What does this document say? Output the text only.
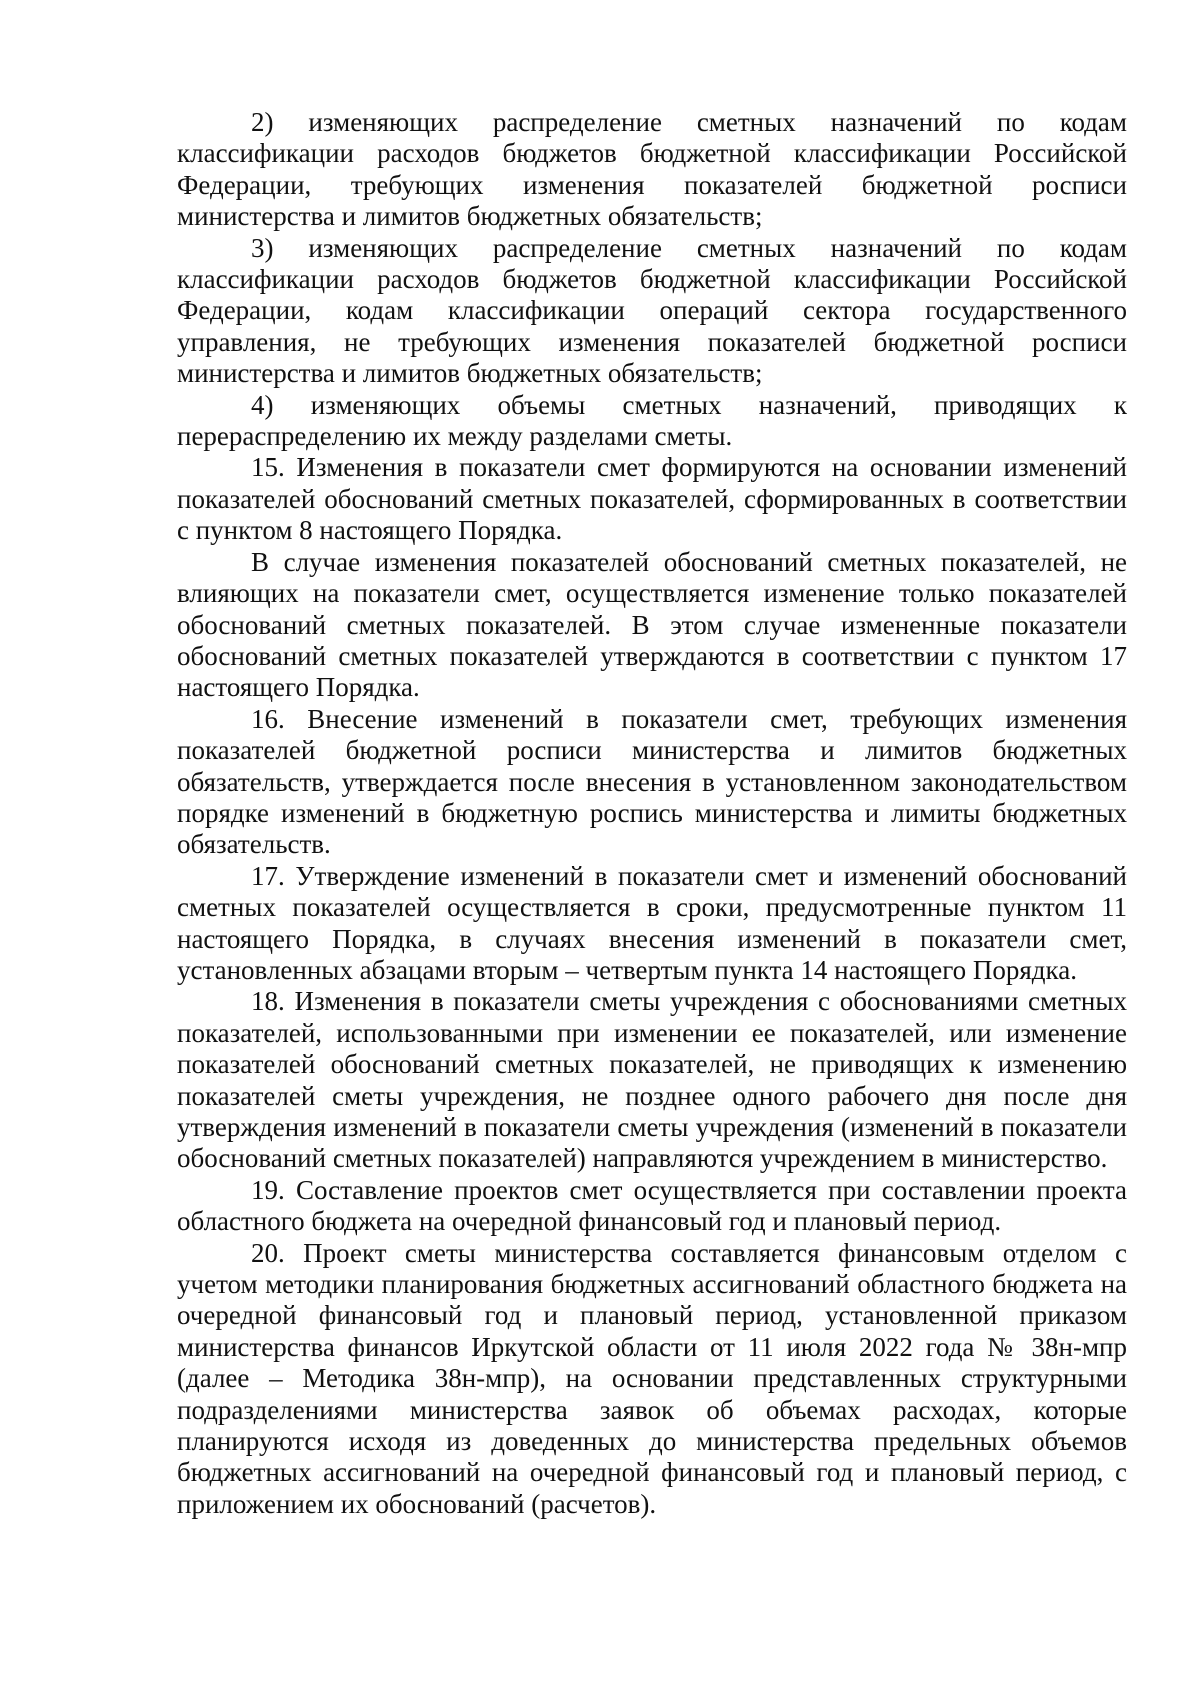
2) изменяющих распределение сметных назначений по кодам классификации расходов бюджетов бюджетной классификации Российской Федерации, требующих изменения показателей бюджетной росписи министерства и лимитов бюджетных обязательств;

3) изменяющих распределение сметных назначений по кодам классификации расходов бюджетов бюджетной классификации Российской Федерации, кодам классификации операций сектора государственного управления, не требующих изменения показателей бюджетной росписи министерства и лимитов бюджетных обязательств;

4) изменяющих объемы сметных назначений, приводящих к перераспределению их между разделами сметы.

15. Изменения в показатели смет формируются на основании изменений показателей обоснований сметных показателей, сформированных в соответствии с пунктом 8 настоящего Порядка.

В случае изменения показателей обоснований сметных показателей, не влияющих на показатели смет, осуществляется изменение только показателей обоснований сметных показателей. В этом случае измененные показатели обоснований сметных показателей утверждаются в соответствии с пунктом 17 настоящего Порядка.

16. Внесение изменений в показатели смет, требующих изменения показателей бюджетной росписи министерства и лимитов бюджетных обязательств, утверждается после внесения в установленном законодательством порядке изменений в бюджетную роспись министерства и лимиты бюджетных обязательств.

17. Утверждение изменений в показатели смет и изменений обоснований сметных показателей осуществляется в сроки, предусмотренные пунктом 11 настоящего Порядка, в случаях внесения изменений в показатели смет, установленных абзацами вторым – четвертым пункта 14 настоящего Порядка.

18. Изменения в показатели сметы учреждения с обоснованиями сметных показателей, использованными при изменении ее показателей, или изменение показателей обоснований сметных показателей, не приводящих к изменению показателей сметы учреждения, не позднее одного рабочего дня после дня утверждения изменений в показатели сметы учреждения (изменений в показатели обоснований сметных показателей) направляются учреждением в министерство.

19. Составление проектов смет осуществляется при составлении проекта областного бюджета на очередной финансовый год и плановый период.

20. Проект сметы министерства составляется финансовым отделом с учетом методики планирования бюджетных ассигнований областного бюджета на очередной финансовый год и плановый период, установленной приказом министерства финансов Иркутской области от 11 июля 2022 года № 38н-мпр (далее – Методика 38н-мпр), на основании представленных структурными подразделениями министерства заявок об объемах расходах, которые планируются исходя из доведенных до министерства предельных объемов бюджетных ассигнований на очередной финансовый год и плановый период, с приложением их обоснований (расчетов).
